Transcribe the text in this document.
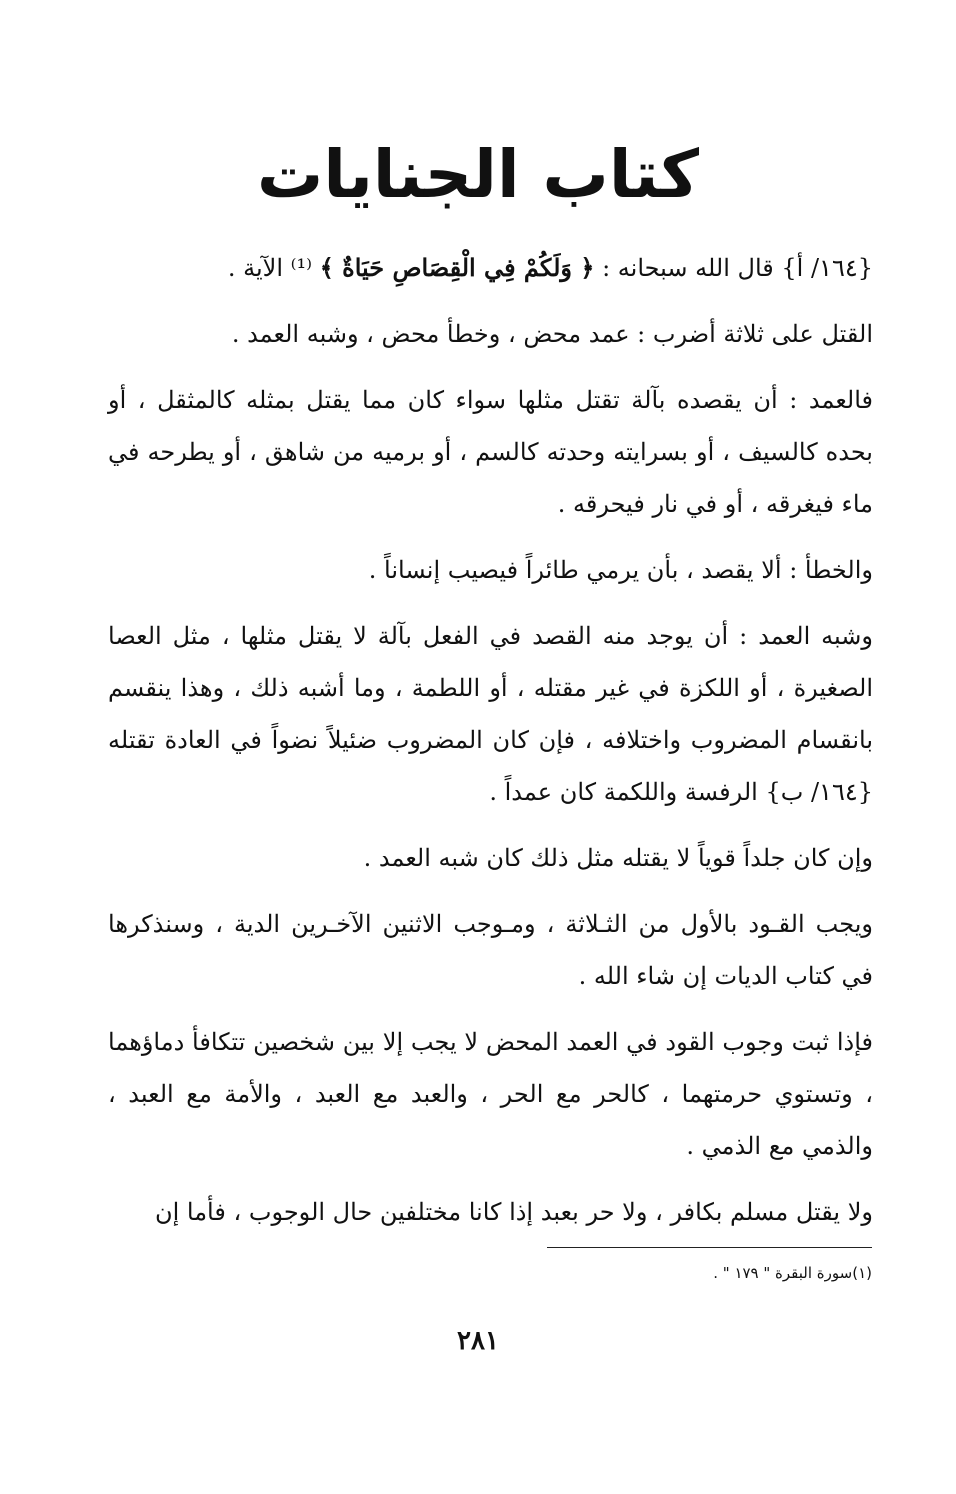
كتاب الجنايات

{١٦٤/ أ} قال الله سبحانه : ﴿ وَلَكُمْ فِي الْقِصَاصِ حَيَاةٌ ﴾ ⁽¹⁾ الآية .

القتل على ثلاثة أضرب : عمد محض ، وخطأ محض ، وشبه العمد .

فالعمد : أن يقصده بآلة تقتل مثلها سواء كان مما يقتل بمثله كالمثقل ، أو بحده كالسيف ، أو بسرايته وحدته كالسم ، أو برميه من شاهق ، أو يطرحه في ماء فيغرقه ، أو في نار فيحرقه .

والخطأ : ألا يقصد ، بأن يرمي طائراً فيصيب إنساناً .

وشبه العمد : أن يوجد منه القصد في الفعل بآلة لا يقتل مثلها ، مثل العصا الصغيرة ، أو اللكزة في غير مقتله ، أو اللطمة ، وما أشبه ذلك ، وهذا ينقسم بانقسام المضروب واختلافه ، فإن كان المضروب ضئيلاً نضواً في العادة تقتله {١٦٤/ ب} الرفسة واللكمة كان عمداً .

وإن كان جلداً قوياً لا يقتله مثل ذلك كان شبه العمد .

ويجب القـود بالأول من الثـلاثة ، ومـوجب الاثنين الآخـرين الدية ، وسنذكرها في كتاب الديات إن شاء الله .

فإذا ثبت وجوب القود في العمد المحض لا يجب إلا بين شخصين تتكافأ دماؤهما ، وتستوي حرمتهما ، كالحر مع الحر ، والعبد مع العبد ، والأمة مع العبد ، والذمي مع الذمي .

ولا يقتل مسلم بكافر ، ولا حر بعبد إذا كانا مختلفين حال الوجوب ، فأما إن

(١)سورة البقرة " ١٧٩ " .
٢٨١
